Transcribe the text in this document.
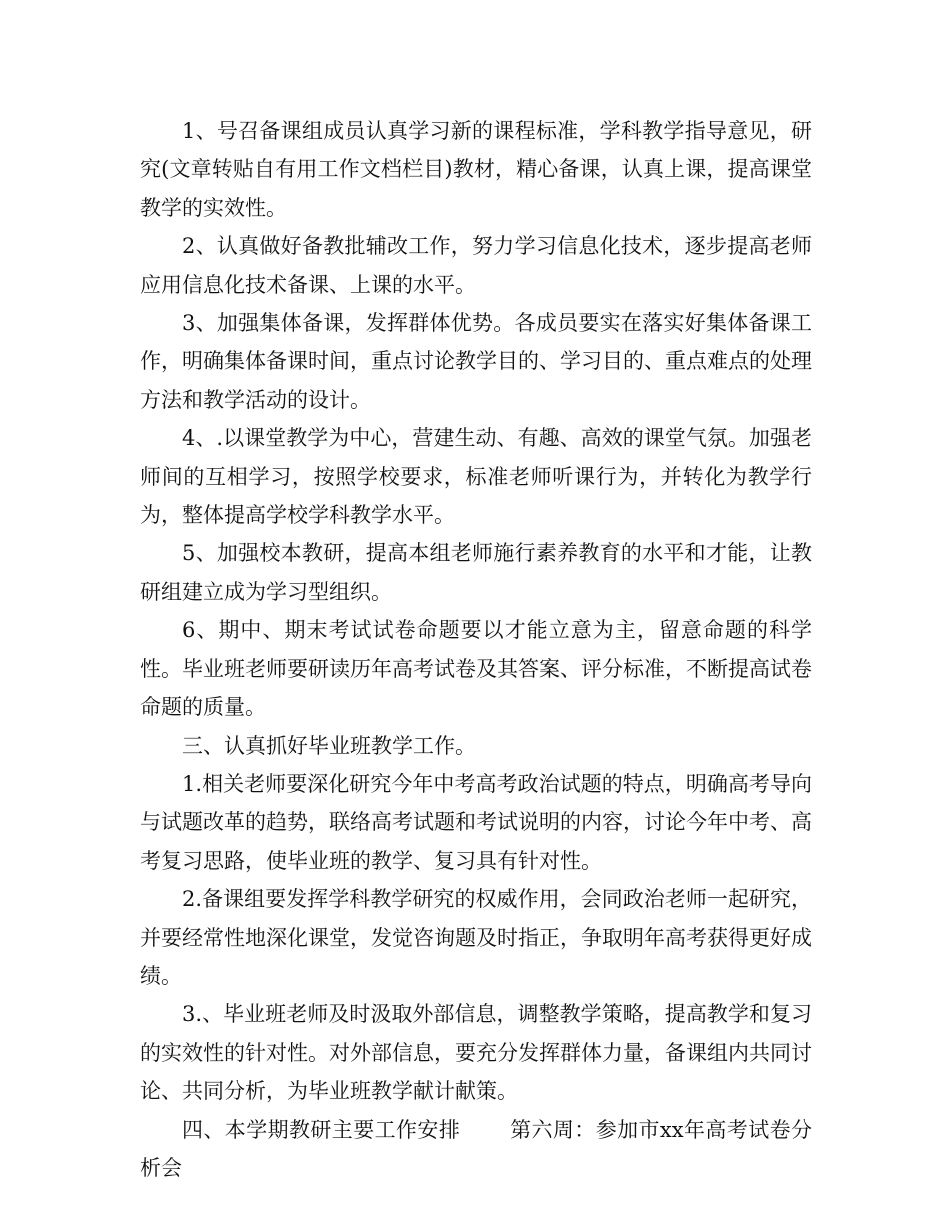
1、号召备课组成员认真学习新的课程标准，学科教学指导意见，研究(文章转贴自有用工作文档栏目)教材，精心备课，认真上课，提高课堂教学的实效性。

2、认真做好备教批辅改工作，努力学习信息化技术，逐步提高老师应用信息化技术备课、上课的水平。

3、加强集体备课，发挥群体优势。各成员要实在落实好集体备课工作，明确集体备课时间，重点讨论教学目的、学习目的、重点难点的处理方法和教学活动的设计。

4、.以课堂教学为中心，营建生动、有趣、高效的课堂气氛。加强老师间的互相学习，按照学校要求，标准老师听课行为，并转化为教学行为，整体提高学校学科教学水平。

5、加强校本教研，提高本组老师施行素养教育的水平和才能，让教研组建立成为学习型组织。

6、期中、期末考试试卷命题要以才能立意为主，留意命题的科学性。毕业班老师要研读历年高考试卷及其答案、评分标准，不断提高试卷命题的质量。

三、认真抓好毕业班教学工作。

1.相关老师要深化研究今年中考高考政治试题的特点，明确高考导向与试题改革的趋势，联络高考试题和考试说明的内容，讨论今年中考、高考复习思路，使毕业班的教学、复习具有针对性。

2.备课组要发挥学科教学研究的权威作用，会同政治老师一起研究，并要经常性地深化课堂，发觉咨询题及时指正，争取明年高考获得更好成绩。

3.、毕业班老师及时汲取外部信息，调整教学策略，提高教学和复习的实效性的针对性。对外部信息，要充分发挥群体力量，备课组内共同讨论、共同分析，为毕业班教学献计献策。

四、本学期教研主要工作安排　　 第六周：参加市xx年高考试卷分析会
